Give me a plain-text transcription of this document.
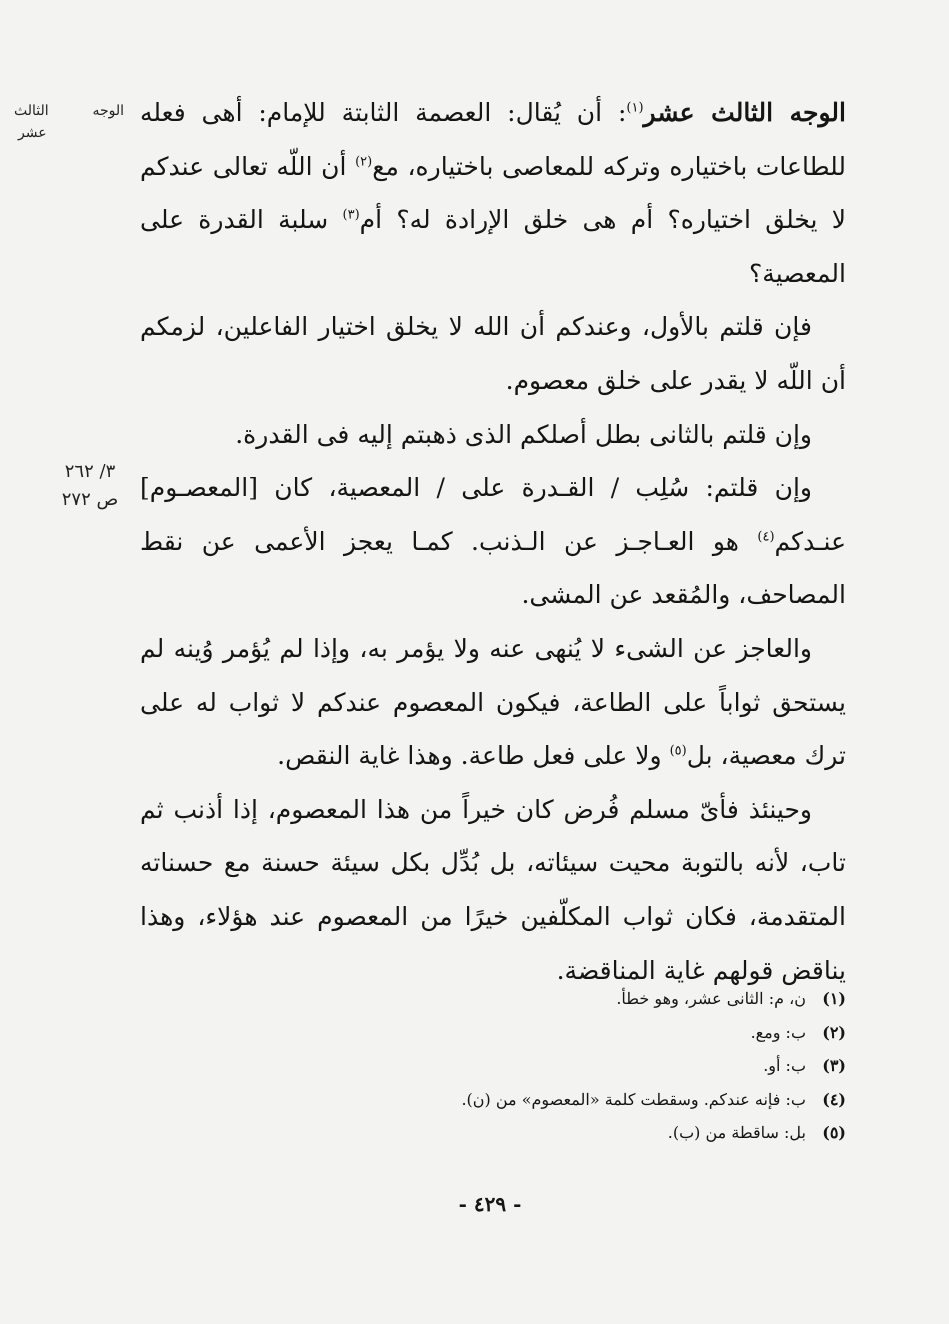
الوجه
الثالث
عشر
٣/ ٢٦٢
ص ٢٧٢

الوجه الثالث عشر$^{(١)}$: أن يُقال: العصمة الثابتة للإمام: أهى فعله للطاعات باختياره وتركه للمعاصى باختياره، مع$^{(٢)}$ أن اللّه تعالى عندكم لا يخلق اختياره؟ أم هى خلق الإرادة له؟ أم$^{(٣)}$ سلبة القدرة على المعصية؟

فإن قلتم بالأول، وعندكم أن الله لا يخلق اختيار الفاعلين، لزمكم أن اللّه لا يقدر على خلق معصوم.

وإن قلتم بالثانى بطل أصلكم الذى ذهبتم إليه فى القدرة.

وإن قلتم: سُلِب / القـدرة على / المعصية، كان [المعصـوم] عنـدكم$^{(٤)}$ هو العـاجـز عن الـذنب. كمـا يعجز الأعمى عن نقط المصاحف، والمُقعد عن المشى.

والعاجز عن الشىء لا يُنهى عنه ولا يؤمر به، وإذا لم يُؤمر وُينه لم يستحق ثواباً على الطاعة، فيكون المعصوم عندكم لا ثواب له على ترك معصية، بل$^{(٥)}$ ولا على فعل طاعة. وهذا غاية النقص.

وحينئذ فأىّ مسلم فُرض كان خيراً من هذا المعصوم، إذا أذنب ثم تاب، لأنه بالتوبة محيت سيئاته، بل بُدِّل بكل سيئة حسنة مع حسناته المتقدمة، فكان ثواب المكلّفين خيرًا من المعصوم عند هؤلاء، وهذا يناقض قولهم غاية المناقضة.

(١)
ن، م: الثانى عشر، وهو خطأ.
(٢)
ب: ومع.
(٣)
ب: أو.
(٤)
ب: فإنه عندكم. وسقطت كلمة «المعصوم» من (ن).
(٥)
بل: ساقطة من (ب).
- ٤٢٩ -
